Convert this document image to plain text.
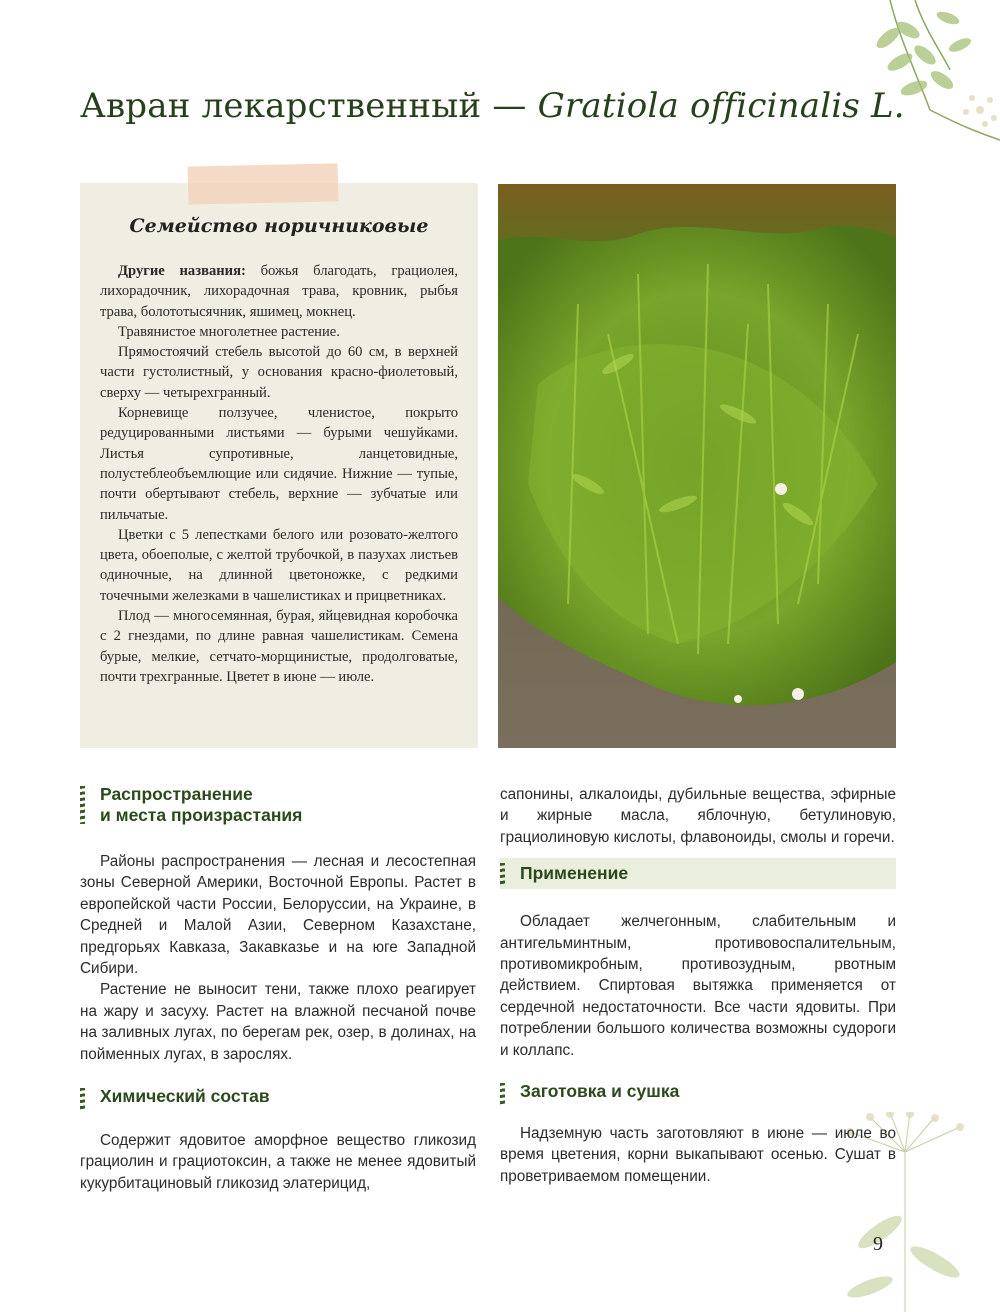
Авран лекарственный — Gratiola officinalis L.
Семейство норичниковые

Другие названия: божья благодать, грациолея, лихорадочник, лихорадочная трава, кровник, рыбья трава, болототысячник, яшимец, мокнец.

Травянистое многолетнее растение.

Прямостоячий стебель высотой до 60 см, в верхней части густолистный, у основания красно-фиолетовый, сверху — четырехгранный.

Корневище ползучее, членистое, покрыто редуцированными листьями — бурыми чешуйками. Листья супротивные, ланцетовидные, полустеблеобъемлющие или сидячие. Нижние — тупые, почти обертывают стебель, верхние — зубчатые или пильчатые.

Цветки с 5 лепестками белого или розовато-желтого цвета, обоеполые, с желтой трубочкой, в пазухах листьев одиночные, на длинной цветоножке, с редкими точечными железками в чашелистиках и прицветниках.

Плод — многосемянная, бурая, яйцевидная коробочка с 2 гнездами, по длине равная чашелистикам. Семена бурые, мелкие, сетчато-морщинистые, продолговатые, почти трехгранные. Цветет в июне — июле.

Распространение
и места произрастания

Районы распространения — лесная и лесостепная зоны Северной Америки, Восточной Европы. Растет в европейской части России, Белоруссии, на Украине, в Средней и Малой Азии, Северном Казахстане, предгорьях Кавказа, Закавказье и на юге Западной Сибири.

Растение не выносит тени, также плохо реагирует на жару и засуху. Растет на влажной песчаной почве на заливных лугах, по берегам рек, озер, в долинах, на пойменных лугах, в зарослях.

Химический состав

Содержит ядовитое аморфное вещество гликозид грациолин и грациотоксин, а также не менее ядовитый кукурбитациновый гликозид элатерицид,

сапонины, алкалоиды, дубильные вещества, эфирные и жирные масла, яблочную, бетулиновую, грациолиновую кислоты, флавоноиды, смолы и горечи.

Применение

Обладает желчегонным, слабительным и антигельминтным, противовоспалительным, противомикробным, противозудным, рвотным действием. Спиртовая вытяжка применяется от сердечной недостаточности. Все части ядовиты. При потреблении большого количества возможны судороги и коллапс.

Заготовка и сушка

Надземную часть заготовляют в июне — июле во время цветения, корни выкапывают осенью. Сушат в проветриваемом помещении.

9
